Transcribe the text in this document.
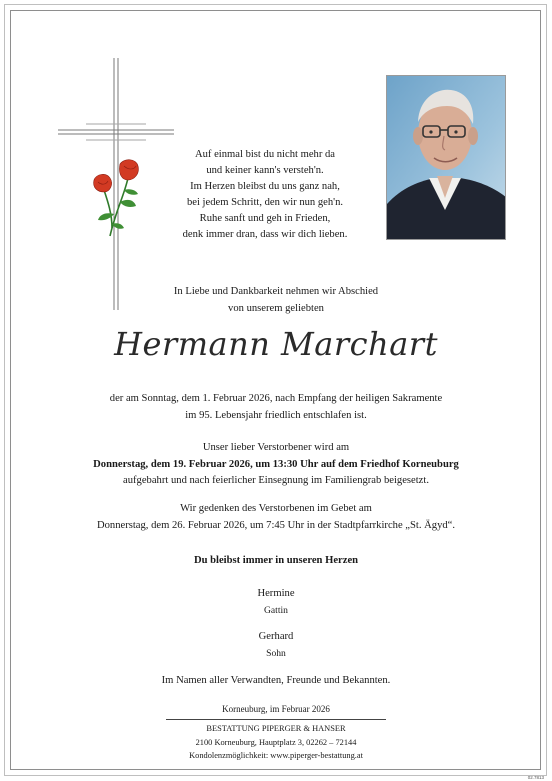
Auf einmal bist du nicht mehr da
und keiner kann's versteh'n.
Im Herzen bleibst du uns ganz nah,
bei jedem Schritt, den wir nun geh'n.
Ruhe sanft und geh in Frieden,
denk immer dran, dass wir dich lieben.
In Liebe und Dankbarkeit nehmen wir Abschied
von unserem geliebten
Hermann Marchart
der am Sonntag, dem 1. Februar 2026, nach Empfang der heiligen Sakramente
im 95. Lebensjahr friedlich entschlafen ist.
Unser lieber Verstorbener wird am
Donnerstag, dem 19. Februar 2026, um 13:30 Uhr auf dem Friedhof Korneuburg
aufgebahrt und nach feierlicher Einsegnung im Familiengrab beigesetzt.
Wir gedenken des Verstorbenen im Gebet am
Donnerstag, dem 26. Februar 2026, um 7:45 Uhr in der Stadtpfarrkirche „St. Ägyd“.
Du bleibst immer in unseren Herzen
Hermine
Gattin
Gerhard
Sohn
Im Namen aller Verwandten, Freunde und Bekannten.
Korneuburg, im Februar 2026
BESTATTUNG PIPERGER & HANSER
2100 Korneuburg, Hauptplatz 3, 02262 – 72144
Kondolenzmöglichkeit: www.piperger-bestattung.at
02.7813
